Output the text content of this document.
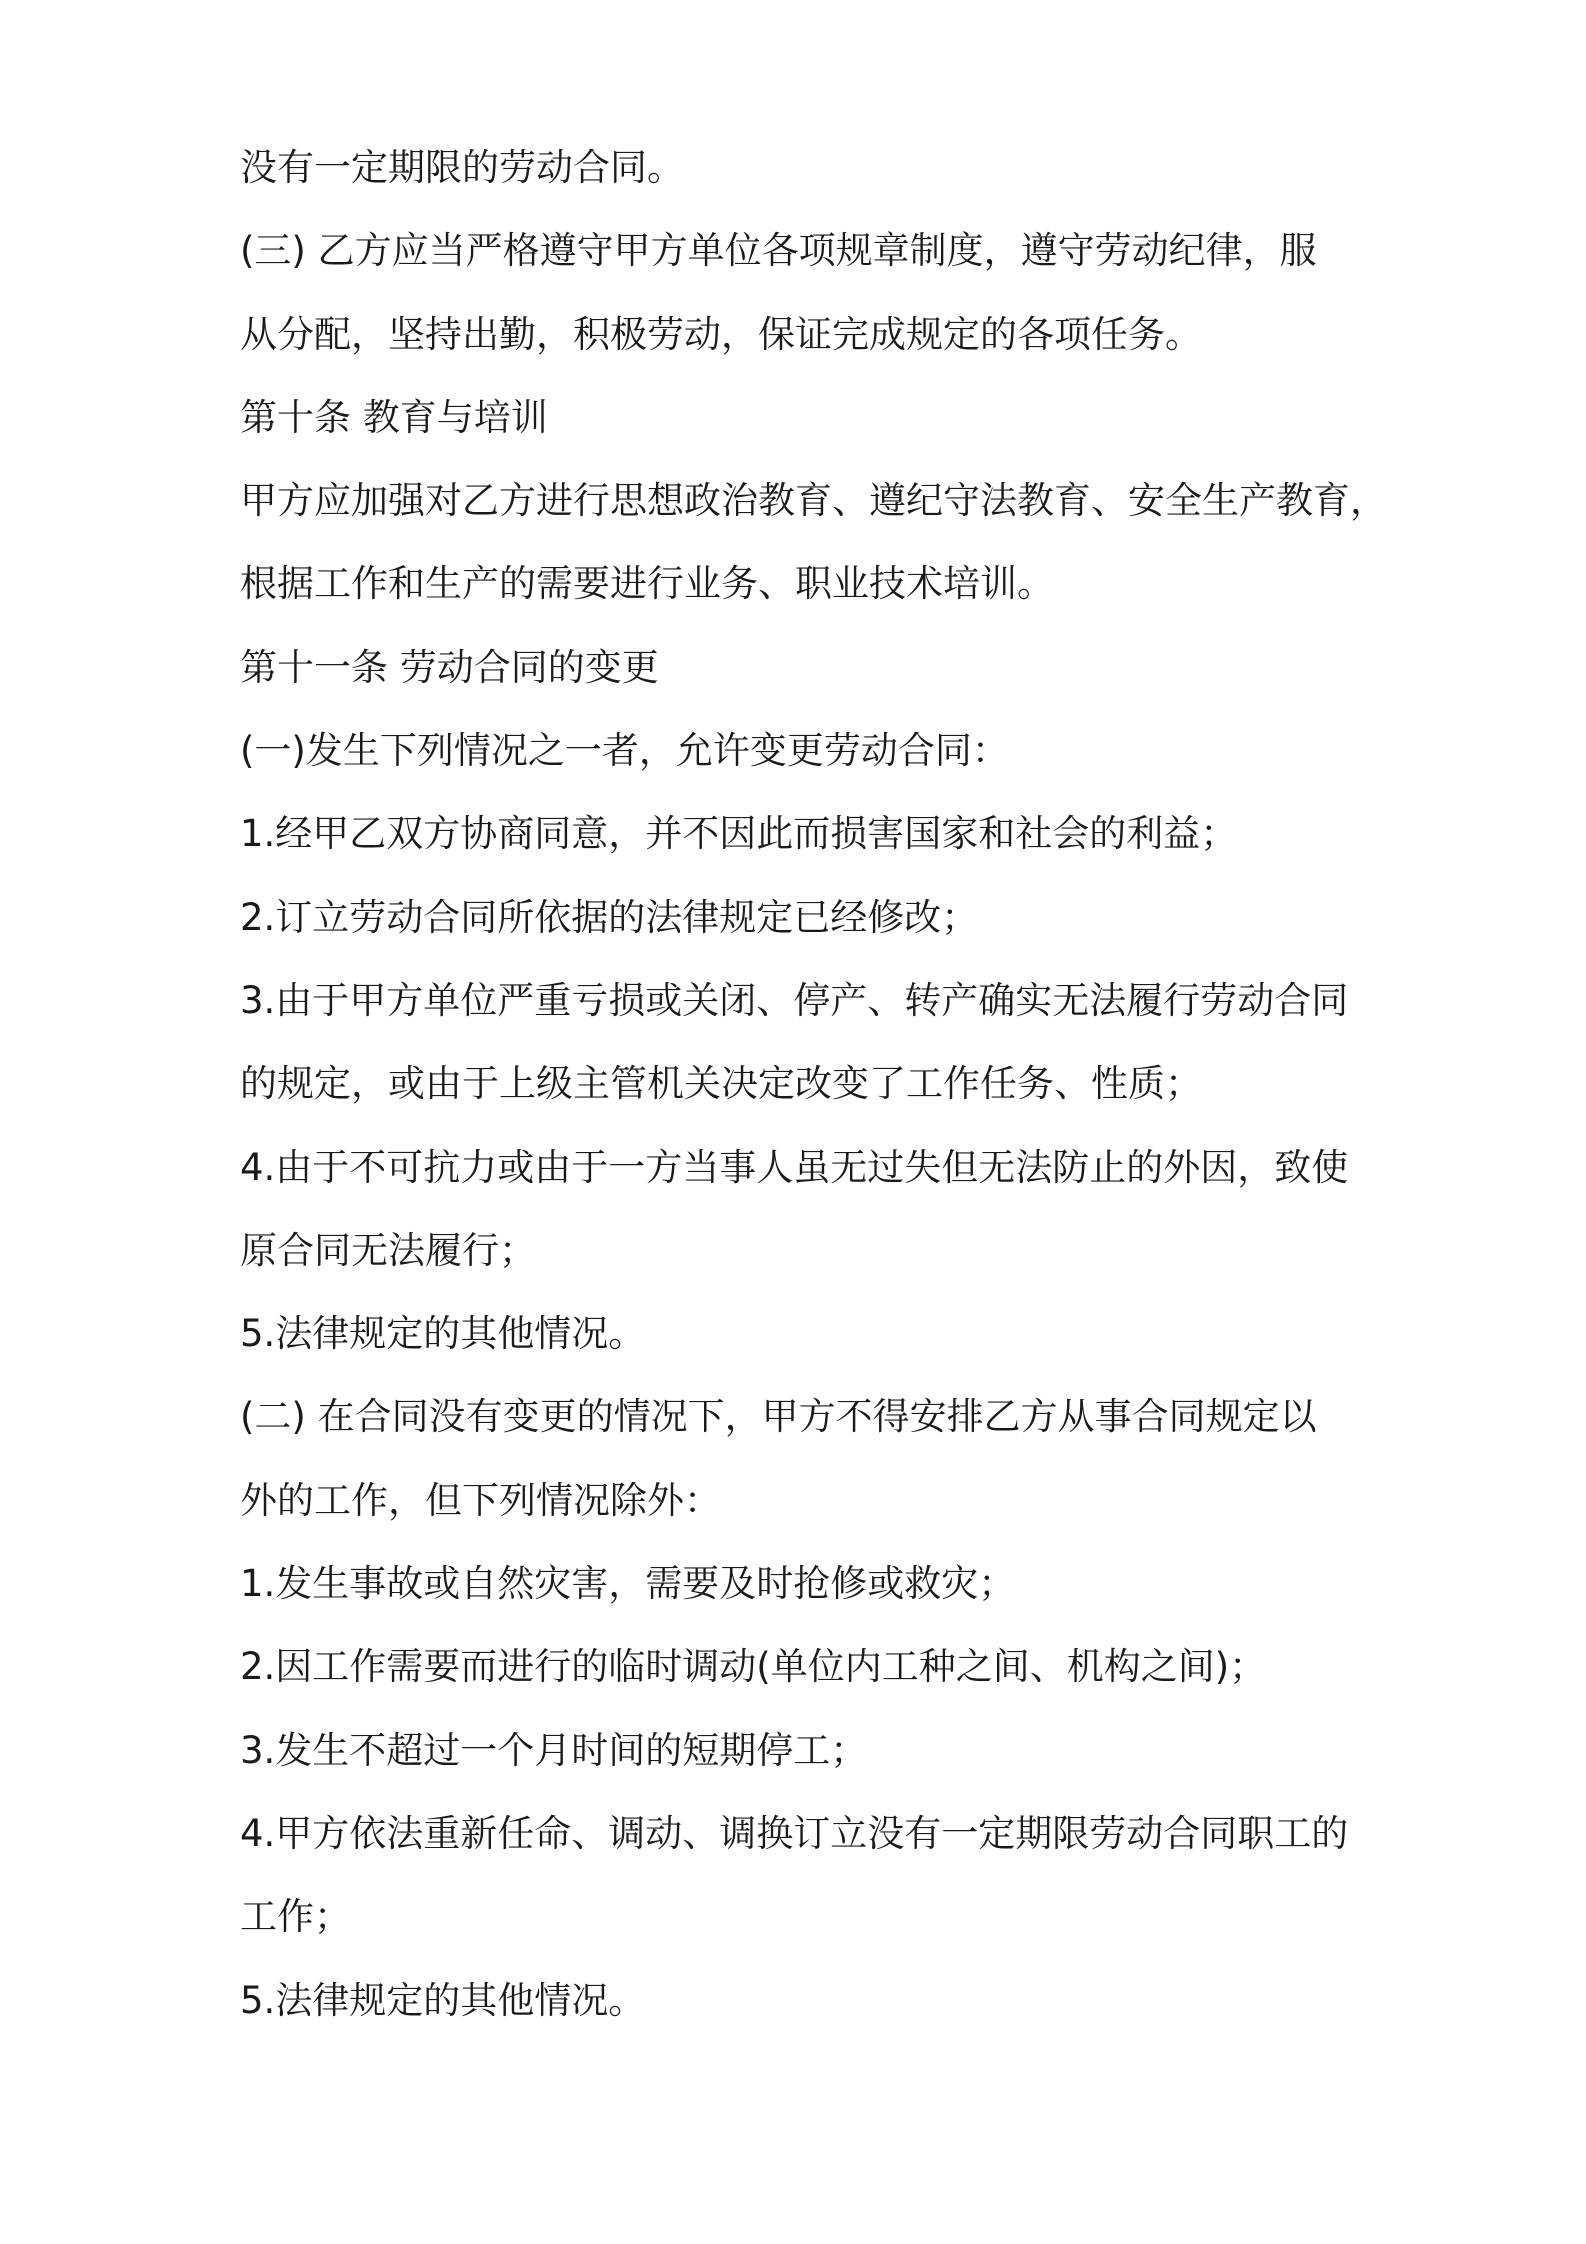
没有一定期限的劳动合同。

(三) 乙方应当严格遵守甲方单位各项规章制度，遵守劳动纪律，服

从分配，坚持出勤，积极劳动，保证完成规定的各项任务。

第十条 教育与培训

甲方应加强对乙方进行思想政治教育、遵纪守法教育、安全生产教育，

根据工作和生产的需要进行业务、职业技术培训。

第十一条 劳动合同的变更

(一)发生下列情况之一者，允许变更劳动合同：

1.经甲乙双方协商同意，并不因此而损害国家和社会的利益；

2.订立劳动合同所依据的法律规定已经修改；

3.由于甲方单位严重亏损或关闭、停产、转产确实无法履行劳动合同

的规定，或由于上级主管机关决定改变了工作任务、性质；

4.由于不可抗力或由于一方当事人虽无过失但无法防止的外因，致使

原合同无法履行；

5.法律规定的其他情况。

(二) 在合同没有变更的情况下，甲方不得安排乙方从事合同规定以

外的工作，但下列情况除外：

1.发生事故或自然灾害，需要及时抢修或救灾；

2.因工作需要而进行的临时调动(单位内工种之间、机构之间)；

3.发生不超过一个月时间的短期停工；

4.甲方依法重新任命、调动、调换订立没有一定期限劳动合同职工的

工作；

5.法律规定的其他情况。
